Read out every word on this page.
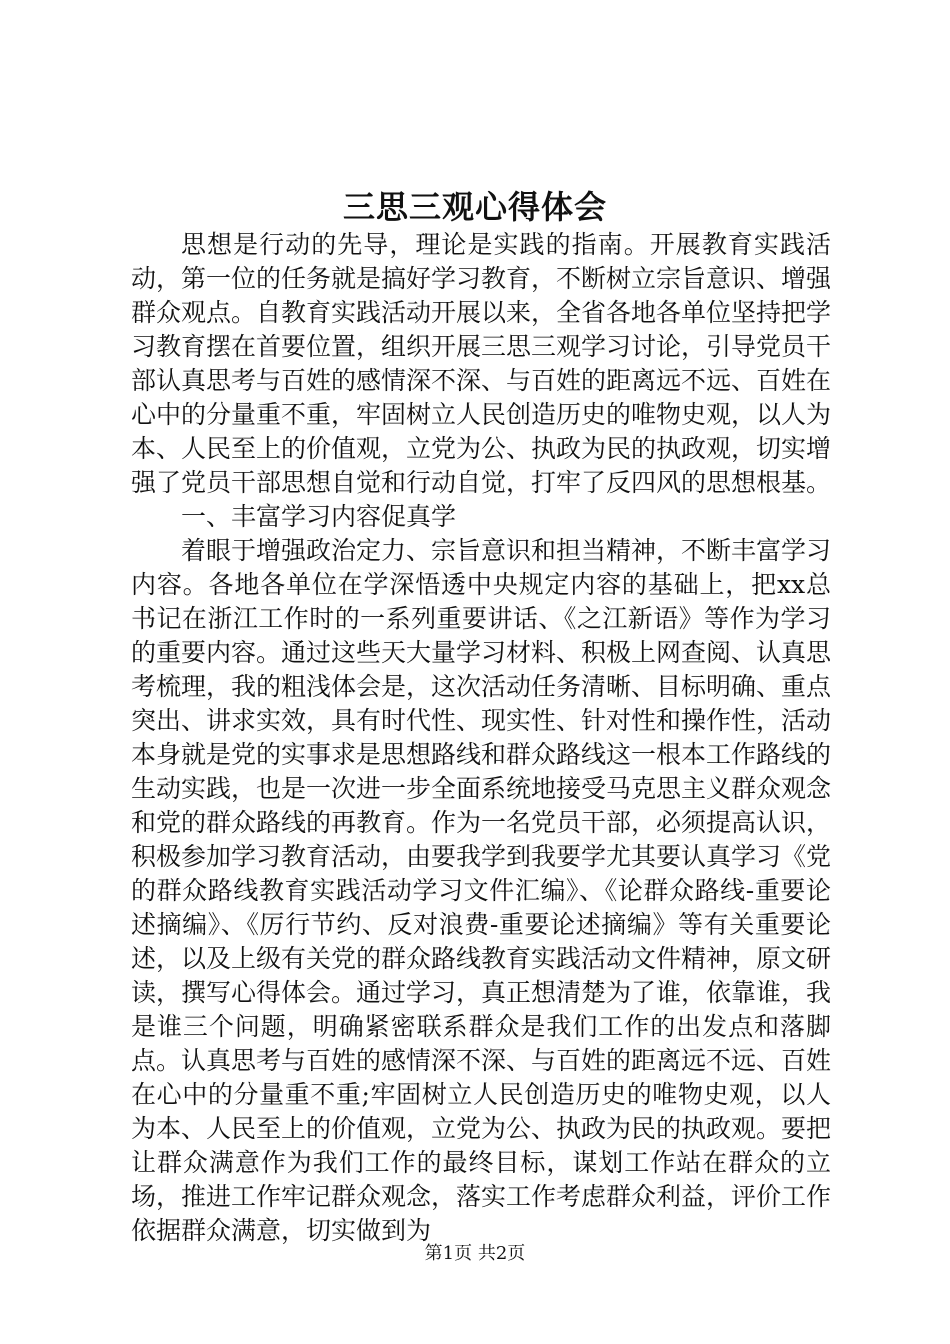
三思三观心得体会

思想是行动的先导，理论是实践的指南。开展教育实践活动，第一位的任务就是搞好学习教育，不断树立宗旨意识、增强群众观点。自教育实践活动开展以来，全省各地各单位坚持把学习教育摆在首要位置，组织开展三思三观学习讨论，引导党员干部认真思考与百姓的感情深不深、与百姓的距离远不远、百姓在心中的分量重不重，牢固树立人民创造历史的唯物史观，以人为本、人民至上的价值观，立党为公、执政为民的执政观，切实增强了党员干部思想自觉和行动自觉，打牢了反四风的思想根基。

一、丰富学习内容促真学

着眼于增强政治定力、宗旨意识和担当精神，不断丰富学习内容。各地各单位在学深悟透中央规定内容的基础上，把xx总书记在浙江工作时的一系列重要讲话、《之江新语》等作为学习的重要内容。通过这些天大量学习材料、积极上网查阅、认真思考梳理，我的粗浅体会是，这次活动任务清晰、目标明确、重点突出、讲求实效，具有时代性、现实性、针对性和操作性，活动本身就是党的实事求是思想路线和群众路线这一根本工作路线的生动实践，也是一次进一步全面系统地接受马克思主义群众观念和党的群众路线的再教育。作为一名党员干部，必须提高认识，积极参加学习教育活动，由要我学到我要学尤其要认真学习《党的群众路线教育实践活动学习文件汇编》、《论群众路线-重要论述摘编》、《厉行节约、反对浪费-重要论述摘编》等有关重要论述，以及上级有关党的群众路线教育实践活动文件精神，原文研读，撰写心得体会。通过学习，真正想清楚为了谁，依靠谁，我是谁三个问题，明确紧密联系群众是我们工作的出发点和落脚点。认真思考与百姓的感情深不深、与百姓的距离远不远、百姓在心中的分量重不重;牢固树立人民创造历史的唯物史观，以人为本、人民至上的价值观，立党为公、执政为民的执政观。要把让群众满意作为我们工作的最终目标，谋划工作站在群众的立场，推进工作牢记群众观念，落实工作考虑群众利益，评价工作依据群众满意，切实做到为

第1页 共2页
